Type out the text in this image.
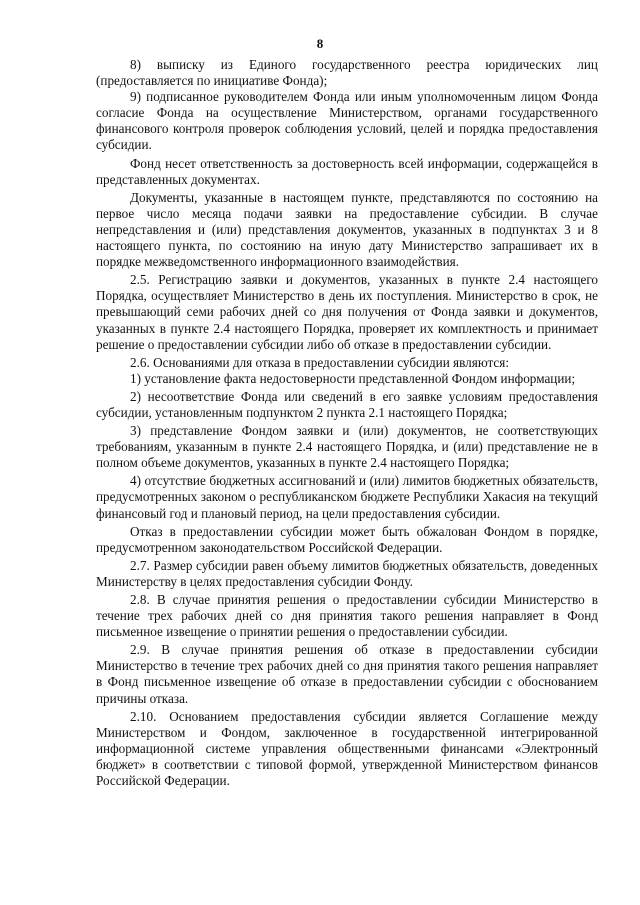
8

8) выписку из Единого государственного реестра юридических лиц (предоставляется по инициативе Фонда);

9) подписанное руководителем Фонда или иным уполномоченным лицом Фонда согласие Фонда на осуществление Министерством, органами государственного финансового контроля проверок соблюдения условий, целей и порядка предоставления субсидии.

Фонд несет ответственность за достоверность всей информации, содержащейся в представленных документах.

Документы, указанные в настоящем пункте, представляются по состоянию на первое число месяца подачи заявки на предоставление субсидии. В случае непредставления и (или) представления документов, указанных в подпунктах 3 и 8 настоящего пункта, по состоянию на иную дату Министерство запрашивает их в порядке межведомственного информационного взаимодействия.

2.5. Регистрацию заявки и документов, указанных в пункте 2.4 настоящего Порядка, осуществляет Министерство в день их поступления. Министерство в срок, не превышающий семи рабочих дней со дня получения от Фонда заявки и документов, указанных в пункте 2.4 настоящего Порядка, проверяет их комплектность и принимает решение о предоставлении субсидии либо об отказе в предоставлении субсидии.

2.6. Основаниями для отказа в предоставлении субсидии являются:

1) установление факта недостоверности представленной Фондом информации;

2) несоответствие Фонда или сведений в его заявке условиям предоставления субсидии, установленным подпунктом 2 пункта 2.1 настоящего Порядка;

3) представление Фондом заявки и (или) документов, не соответствующих требованиям, указанным в пункте 2.4 настоящего Порядка, и (или) представление не в полном объеме документов, указанных в пункте 2.4 настоящего Порядка;

4) отсутствие бюджетных ассигнований и (или) лимитов бюджетных обязательств, предусмотренных законом о республиканском бюджете Республики Хакасия на текущий финансовый год и плановый период, на цели предоставления субсидии.

Отказ в предоставлении субсидии может быть обжалован Фондом в порядке, предусмотренном законодательством Российской Федерации.

2.7. Размер субсидии равен объему лимитов бюджетных обязательств, доведенных Министерству в целях предоставления субсидии Фонду.

2.8. В случае принятия решения о предоставлении субсидии Министерство в течение трех рабочих дней со дня принятия такого решения направляет в Фонд письменное извещение о принятии решения о предоставлении субсидии.

2.9. В случае принятия решения об отказе в предоставлении субсидии Министерство в течение трех рабочих дней со дня принятия такого решения направляет в Фонд письменное извещение об отказе в предоставлении субсидии с обоснованием причины отказа.

2.10. Основанием предоставления субсидии является Соглашение между Министерством и Фондом, заключенное в государственной интегрированной информационной системе управления общественными финансами «Электронный бюджет» в соответствии с типовой формой, утвержденной Министерством финансов Российской Федерации.
